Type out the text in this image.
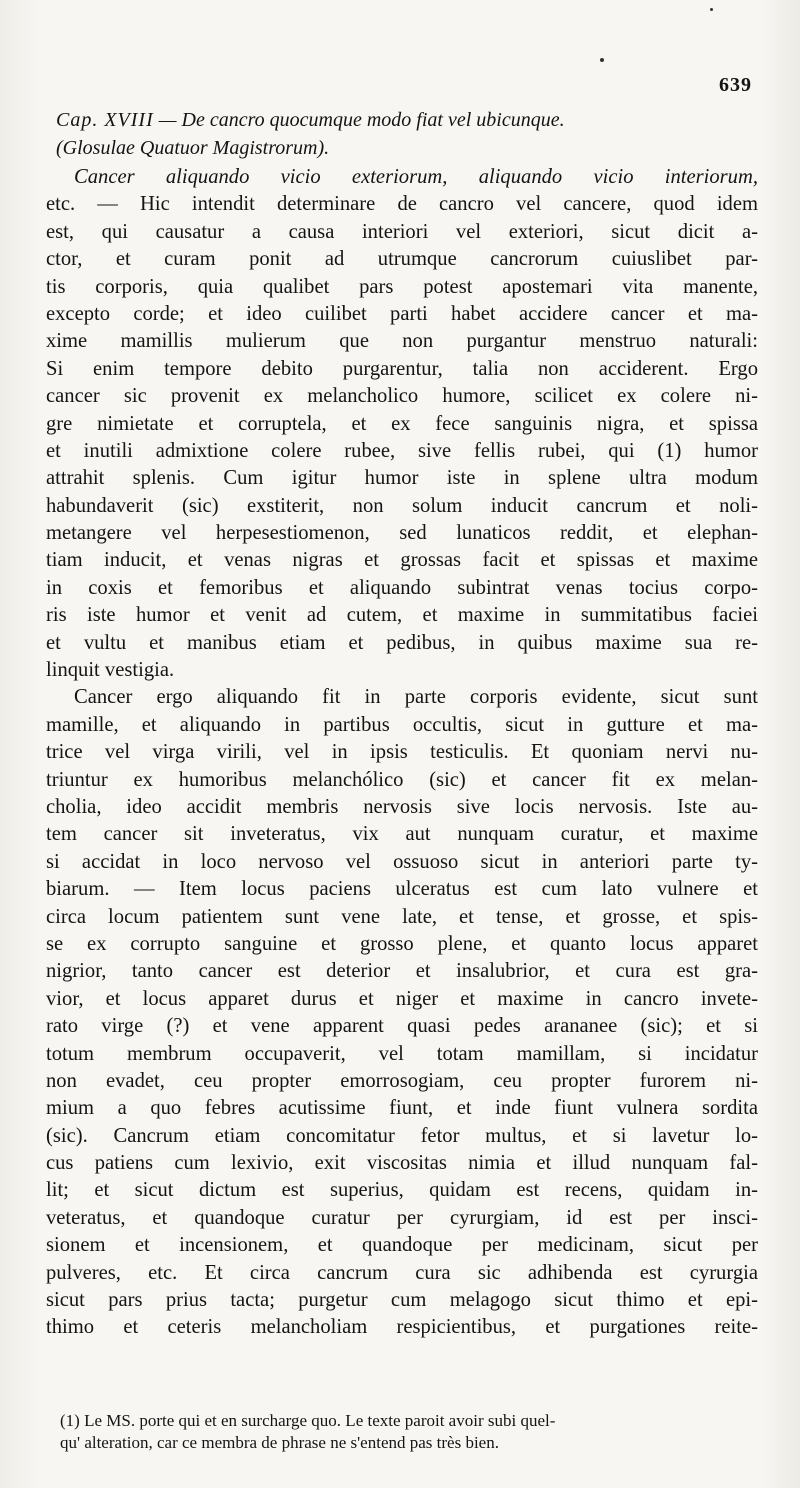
639
Cap. XVIII — De cancro quocumque modo fiat vel ubicunque.
(Glosulae Quatuor Magistrorum).
Cancer aliquando vicio exteriorum, aliquando vicio interiorum,
etc. — Hic intendit determinare de cancro vel cancere, quod idem
est, qui causatur a causa interiori vel exteriori, sicut dicit a-
ctor, et curam ponit ad utrumque cancrorum cuiuslibet par-
tis corporis, quia qualibet pars potest apostemari vita manente,
excepto corde; et ideo cuilibet parti habet accidere cancer et ma-
xime mamillis mulierum que non purgantur menstruo naturali:
Si enim tempore debito purgarentur, talia non acciderent. Ergo
cancer sic provenit ex melancholico humore, scilicet ex colere ni-
gre nimietate et corruptela, et ex fece sanguinis nigra, et spissa
et inutili admixtione colere rubee, sive fellis rubei, qui (1) humor
attrahit splenis. Cum igitur humor iste in splene ultra modum
habundaverit (sic) exstiterit, non solum inducit cancrum et noli-
metangere vel herpesestiomenon, sed lunaticos reddit, et elephan-
tiam inducit, et venas nigras et grossas facit et spissas et maxime
in coxis et femoribus et aliquando subintrat venas tocius corpo-
ris iste humor et venit ad cutem, et maxime in summitatibus faciei
et vultu et manibus etiam et pedibus, in quibus maxime sua re-
linquit vestigia.
Cancer ergo aliquando fit in parte corporis evidente, sicut sunt
mamille, et aliquando in partibus occultis, sicut in gutture et ma-
trice vel virga virili, vel in ipsis testiculis. Et quoniam nervi nu-
triuntur ex humoribus melanchólico (sic) et cancer fit ex melan-
cholia, ideo accidit membris nervosis sive locis nervosis. Iste au-
tem cancer sit inveteratus, vix aut nunquam curatur, et maxime
si accidat in loco nervoso vel ossuoso sicut in anteriori parte ty-
biarum. — Item locus paciens ulceratus est cum lato vulnere et
circa locum patientem sunt vene late, et tense, et grosse, et spis-
se ex corrupto sanguine et grosso plene, et quanto locus apparet
nigrior, tanto cancer est deterior et insalubrior, et cura est gra-
vior, et locus apparet durus et niger et maxime in cancro invete-
rato virge (?) et vene apparent quasi pedes arananee (sic); et si
totum membrum occupaverit, vel totam mamillam, si incidatur
non evadet, ceu propter emorrosogiam, ceu propter furorem ni-
mium a quo febres acutissime fiunt, et inde fiunt vulnera sordita
(sic). Cancrum etiam concomitatur fetor multus, et si lavetur lo-
cus patiens cum lexivio, exit viscositas nimia et illud nunquam fal-
lit; et sicut dictum est superius, quidam est recens, quidam in-
veteratus, et quandoque curatur per cyrurgiam, id est per insci-
sionem et incensionem, et quandoque per medicinam, sicut per
pulveres, etc. Et circa cancrum cura sic adhibenda est cyrurgia
sicut pars prius tacta; purgetur cum melagogo sicut thimo et epi-
thimo et ceteris melancholiam respicientibus, et purgationes reite-
(1) Le MS. porte qui et en surcharge quo. Le texte paroit avoir subi quel-
qu' alteration, car ce membra de phrase ne s'entend pas très bien.
